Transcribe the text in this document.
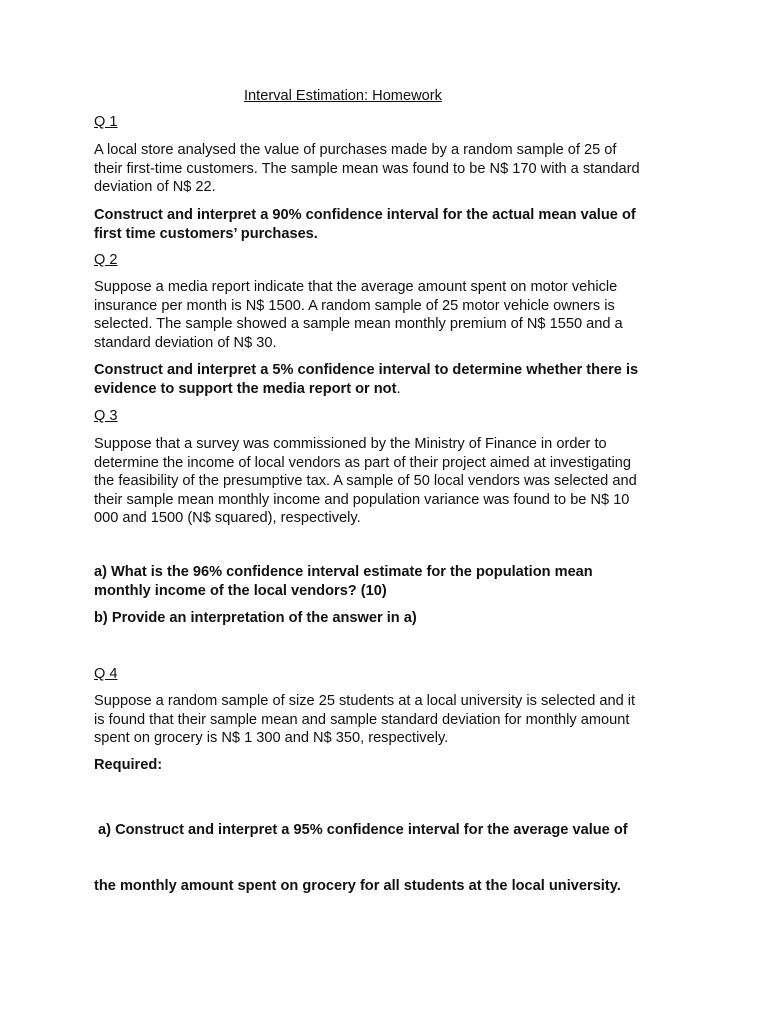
Interval Estimation: Homework
Q 1

A local store analysed the value of purchases made by a random sample of 25 of
their first-time customers. The sample mean was found to be N$ 170 with a standard
deviation of N$ 22.

Construct and interpret a 90% confidence interval for the actual mean value of
first time customers’ purchases.

Q 2

Suppose a media report indicate that the average amount spent on motor vehicle
insurance per month is N$ 1500. A random sample of 25 motor vehicle owners is
selected. The sample showed a sample mean monthly premium of N$ 1550 and a
standard deviation of N$ 30.

Construct and interpret a 5% confidence interval to determine whether there is
evidence to support the media report or not.

Q 3

Suppose that a survey was commissioned by the Ministry of Finance in order to
determine the income of local vendors as part of their project aimed at investigating
the feasibility of the presumptive tax. A sample of 50 local vendors was selected and
their sample mean monthly income and population variance was found to be N$ 10
000 and 1500 (N$ squared), respectively.

a) What is the 96% confidence interval estimate for the population mean
monthly income of the local vendors? (10)

b) Provide an interpretation of the answer in a)

Q 4

Suppose a random sample of size 25 students at a local university is selected and it
is found that their sample mean and sample standard deviation for monthly amount
spent on grocery is N$ 1 300 and N$ 350, respectively.

Required:

a) Construct and interpret a 95% confidence interval for the average value of

the monthly amount spent on grocery for all students at the local university.
